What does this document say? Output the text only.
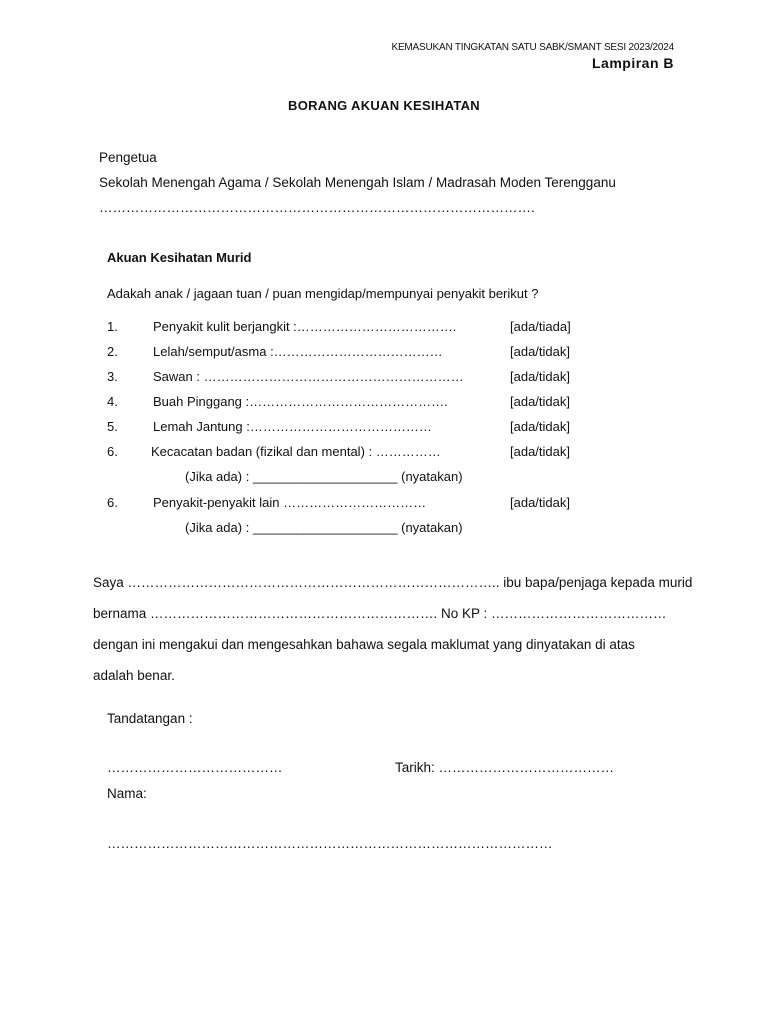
KEMASUKAN TINGKATAN SATU SABK/SMANT SESI 2023/2024
Lampiran B
BORANG AKUAN KESIHATAN
Pengetua
Sekolah Menengah Agama / Sekolah Menengah Islam / Madrasah Moden Terengganu
…………………………………………………………………………………….
Akuan Kesihatan Murid
Adakah anak / jagaan tuan / puan mengidap/mempunyai penyakit berikut ?
1.	Penyakit kulit berjangkit :……………………………….	[ada/tiada]
2.	Lelah/semput/asma :…………………………………	[ada/tidak]
3.	Sawan : ……………………………………………………	[ada/tidak]
4.	Buah Pinggang :……………………………………….	[ada/tidak]
5.	Lemah Jantung :……………………………………	[ada/tidak]
6.	Kecacatan badan (fizikal dan mental) : ……………	[ada/tidak]
(Jika ada) : ____________________ (nyatakan)
6.	Penyakit-penyakit lain ……………………………	[ada/tidak]
(Jika ada) : ____________________ (nyatakan)
Saya ……………………………………………………………………….. ibu bapa/penjaga kepada murid
bernama ………………………………………………………. No KP : …………………………………
dengan ini mengakui dan mengesahkan bahawa segala maklumat yang dinyatakan di atas
adalah benar.
Tandatangan :
…………………………………	Tarikh: …………………………………
Nama:
………………………………………………………………………………………
